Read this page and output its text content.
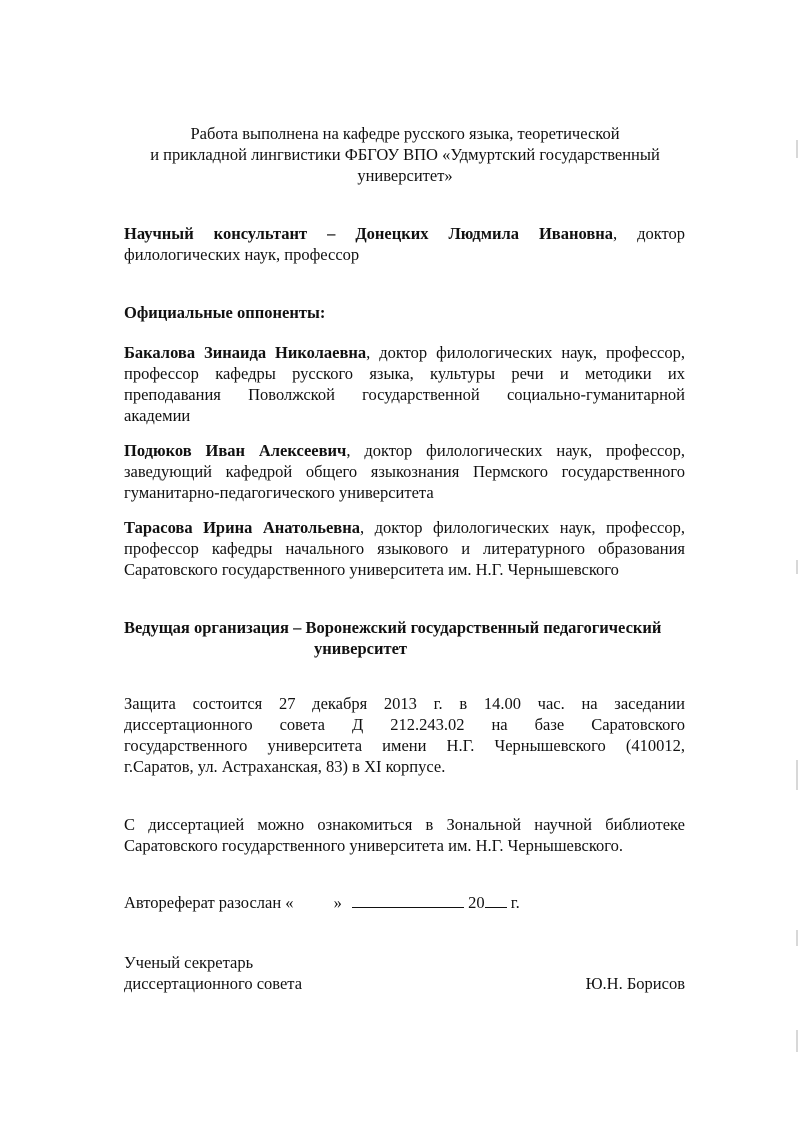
Работа выполнена на кафедре русского языка, теоретической
и прикладной лингвистики ФБГОУ ВПО «Удмуртский государственный
университет»
Научный консультант – Донецких Людмила Ивановна, доктор
филологических наук, профессор
Официальные оппоненты:
Бакалова Зинаида Николаевна, доктор филологических наук, профессор,
профессор кафедры русского языка, культуры речи и методики их
преподавания Поволжской государственной социально-гуманитарной
академии
Подюков Иван Алексеевич, доктор филологических наук, профессор,
заведующий кафедрой общего языкознания Пермского государственного
гуманитарно-педагогического университета
Тарасова Ирина Анатольевна, доктор филологических наук, профессор,
профессор кафедры начального языкового и литературного образования
Саратовского государственного университета им. Н.Г. Чернышевского
Ведущая организация – Воронежский государственный педагогический
университет
Защита состоится 27 декабря 2013 г. в 14.00 час. на заседании
диссертационного совета Д 212.243.02 на базе Саратовского
государственного университета имени Н.Г. Чернышевского (410012,
г.Саратов, ул. Астраханская, 83) в XI корпусе.
С диссертацией можно ознакомиться в Зональной научной библиотеке
Саратовского государственного университета им. Н.Г. Чернышевского.
Автореферат разослан « »	20 г.
Ученый секретарь
диссертационного совета	Ю.Н. Борисов
